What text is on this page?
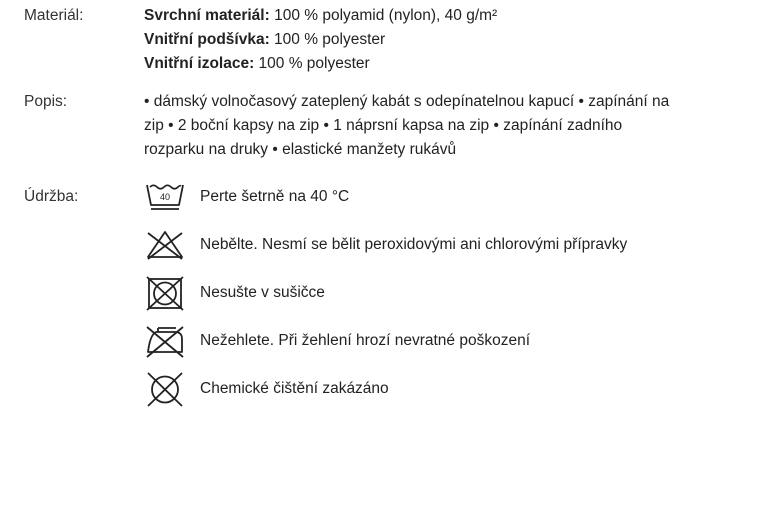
Materiál:	Svrchní materiál: 100 % polyamid (nylon), 40 g/m²
Vnitřní podšívka: 100 % polyester
Vnitřní izolace: 100 % polyester
Popis:	• dámský volnočasový zateplený kabát s odepínatelnou kapucí • zapínání na
zip • 2 boční kapsy na zip • 1 náprsní kapsa na zip • zapínání zadního
rozparku na druky • elastické manžety rukávů
Údržba:	40 Perte šetrně na 40 °C
Nebělte. Nesmí se bělit peroxidovými ani chlorovými přípravky
Nesušte v sušičce
Nežehlete. Při žehlení hrozí nevratné poškození
Chemické čištění zakázáno
